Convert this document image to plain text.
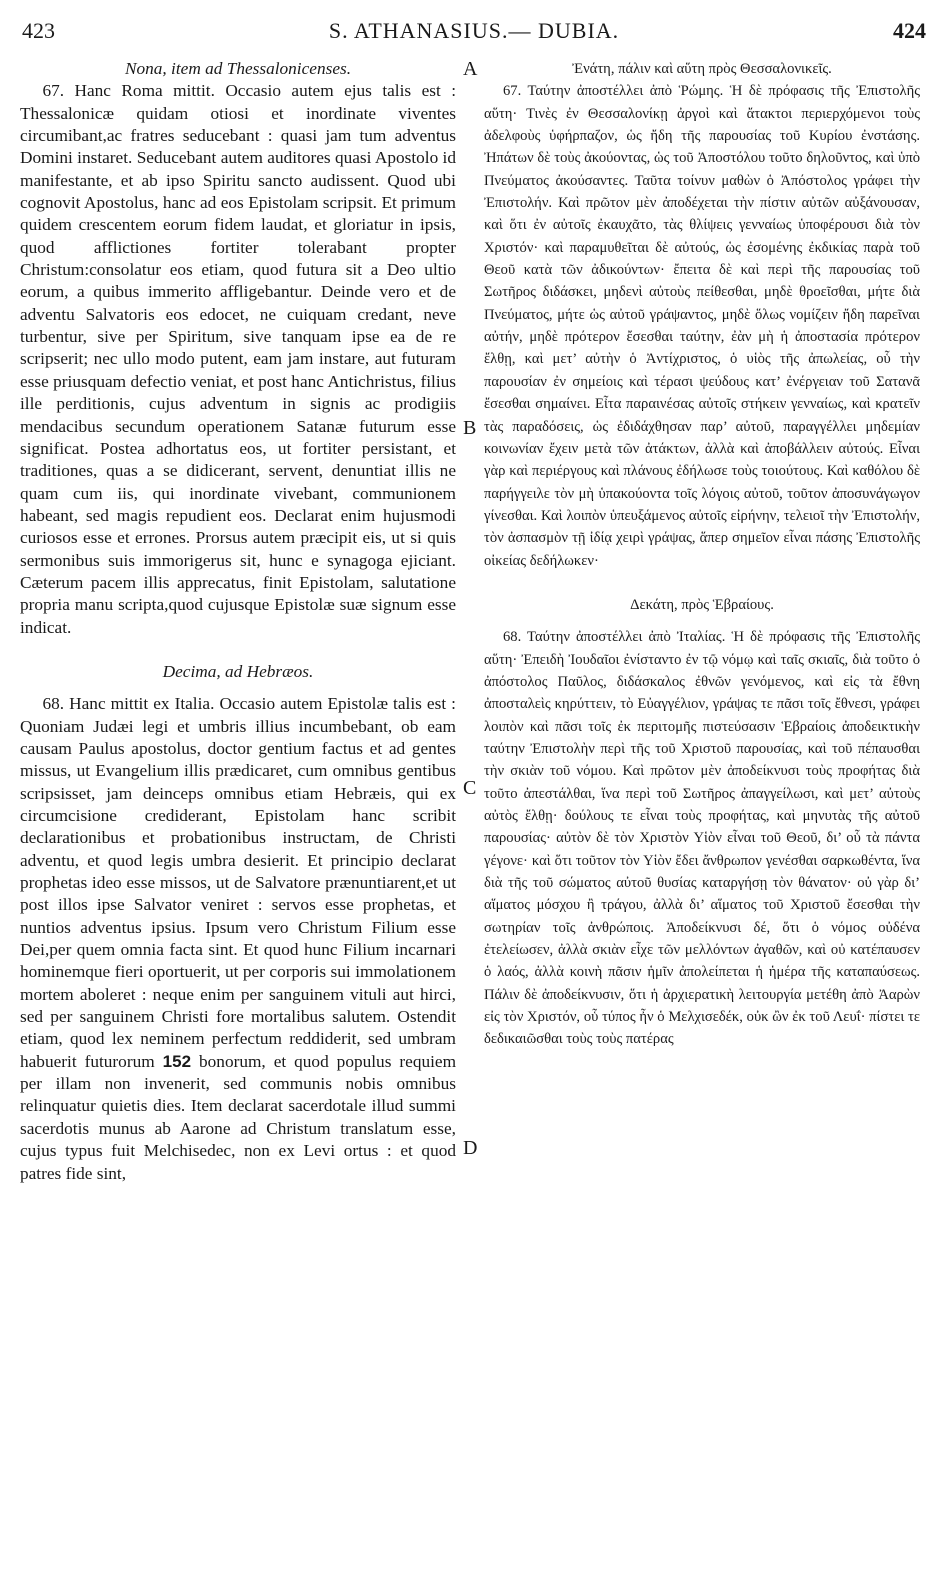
423	S. ATHANASIUS.— DUBIA.	424

Nona, item ad Thessalonicenses.

67. Hanc Roma mittit. Occasio autem ejus talis est : Thessalonicæ quidam otiosi et inordinate viventes circumibant,ac fratres seducebant : quasi jam tum adventus Domini instaret. Seducebant autem auditores quasi Apostolo id manifestante, et ab ipso Spiritu sancto audissent. Quod ubi cognovit Apostolus, hanc ad eos Epistolam scripsit. Et primum quidem crescentem eorum fidem laudat, et gloriatur in ipsis, quod afflictiones fortiter tolerabant propter Christum:consolatur eos etiam, quod futura sit a Deo ultio eorum, a quibus immerito affligebantur. Deinde vero et de adventu Salvatoris eos edocet, ne cuiquam credant, neve turbentur, sive per Spiritum, sive tanquam ipse ea de re scripserit; nec ullo modo putent, eam jam instare, aut futuram esse priusquam defectio veniat, et post hanc Antichristus, filius ille perditionis, cujus adventum in signis ac prodigiis mendacibus secundum operationem Satanæ futurum esse significat. Postea adhortatus eos, ut fortiter persistant, et traditiones, quas a se didicerant, servent, denuntiat illis ne quam cum iis, qui inordinate vivebant, communionem habeant, sed magis repudient eos. Declarat enim hujusmodi curiosos esse et errones. Prorsus autem præcipit eis, ut si quis sermonibus suis immorigerus sit, hunc e synagoga ejiciant. Cæterum pacem illis apprecatus, finit Epistolam, salutatione propria manu scripta,quod cujusque Epistolæ suæ signum esse indicat.

Decima, ad Hebræos.

68. Hanc mittit ex Italia. Occasio autem Epistolæ talis est : Quoniam Judæi legi et umbris illius incumbebant, ob eam causam Paulus apostolus, doctor gentium factus et ad gentes missus, ut Evangelium illis prædicaret, cum omnibus gentibus scripsisset, jam deinceps omnibus etiam Hebræis, qui ex circumcisione crediderant, Epistolam hanc scribit declarationibus et probationibus instructam, de Christi adventu, et quod legis umbra desierit. Et principio declarat prophetas ideo esse missos, ut de Salvatore prænuntiarent,et ut post illos ipse Salvator veniret : servos esse prophetas, et nuntios adventus ipsius. Ipsum vero Christum Filium esse Dei,per quem omnia facta sint. Et quod hunc Filium incarnari hominemque fieri oportuerit, ut per corporis sui immolationem mortem aboleret : neque enim per sanguinem vituli aut hirci, sed per sanguinem Christi fore mortalibus salutem. Ostendit etiam, quod lex neminem perfectum reddiderit, sed umbram habuerit futurorum 152 bonorum, et quod populus requiem per illam non invenerit, sed communis nobis omnibus relinquatur quietis dies. Item declarat sacerdotale illud summi sacerdotis munus ab Aarone ad Christum translatum esse, cujus typus fuit Melchisedec, non ex Levi ortus : et quod patres fide sint,

A
B
C
D

Ἐνάτη, πάλιν καὶ αὕτη πρὸς Θεσσαλονικεῖς.

67. Ταύτην ἀποστέλλει ἀπὸ Ῥώμης. Ἡ δὲ πρόφασις τῆς Ἐπιστολῆς αὕτη· Τινὲς ἐν Θεσσαλονίκῃ ἀργοὶ καὶ ἄτακτοι περιερχόμενοι τοὺς ἀδελφοὺς ὑφήρπαζον, ὡς ἤδη τῆς παρουσίας τοῦ Κυρίου ἐνστάσης. Ἠπάτων δὲ τοὺς ἀκούοντας, ὡς τοῦ Ἀποστόλου τοῦτο δηλοῦντος, καὶ ὑπὸ Πνεύματος ἀκούσαντες. Ταῦτα τοίνυν μαθὼν ὁ Ἀπόστολος γράφει τὴν Ἐπιστολήν. Καὶ πρῶτον μὲν ἀποδέχεται τὴν πίστιν αὐτῶν αὐξάνουσαν, καὶ ὅτι ἐν αὐτοῖς ἐκαυχᾶτο, τὰς θλίψεις γενναίως ὑποφέρουσι διὰ τὸν Χριστόν· καὶ παραμυθεῖται δὲ αὐτούς, ὡς ἐσομένης ἐκδικίας παρὰ τοῦ Θεοῦ κατὰ τῶν ἀδικούντων· ἔπειτα δὲ καὶ περὶ τῆς παρουσίας τοῦ Σωτῆρος διδάσκει, μηδενὶ αὐτοὺς πείθεσθαι, μηδὲ θροεῖσθαι, μήτε διὰ Πνεύματος, μήτε ὡς αὐτοῦ γράψαντος, μηδὲ ὅλως νομίζειν ἤδη παρεῖναι αὐτήν, μηδὲ πρότερον ἔσεσθαι ταύτην, ἐὰν μὴ ἡ ἀποστασία πρότερον ἔλθῃ, καὶ μετ’ αὐτὴν ὁ Ἀντίχριστος, ὁ υἱὸς τῆς ἀπωλείας, οὗ τὴν παρουσίαν ἐν σημείοις καὶ τέρασι ψεύδους κατ’ ἐνέργειαν τοῦ Σατανᾶ ἔσεσθαι σημαίνει. Εἶτα παραινέσας αὐτοῖς στήκειν γενναίως, καὶ κρατεῖν τὰς παραδόσεις, ὡς ἐδιδάχθησαν παρ’ αὐτοῦ, παραγγέλλει μηδεμίαν κοινωνίαν ἔχειν μετὰ τῶν ἀτάκτων, ἀλλὰ καὶ ἀποβάλλειν αὐτούς. Εἶναι γὰρ καὶ περιέργους καὶ πλάνους ἐδήλωσε τοὺς τοιούτους. Καὶ καθόλου δὲ παρήγγειλε τὸν μὴ ὑπακούοντα τοῖς λόγοις αὐτοῦ, τοῦτον ἀποσυνάγωγον γίνεσθαι. Καὶ λοιπὸν ὑπευξάμενος αὐτοῖς εἰρήνην, τελειοῖ τὴν Ἐπιστολήν, τὸν ἀσπασμὸν τῇ ἰδίᾳ χειρὶ γράψας, ἅπερ σημεῖον εἶναι πάσης Ἐπιστολῆς οἰκείας δεδήλωκεν·

Δεκάτη, πρὸς Ἑβραίους.

68. Ταύτην ἀποστέλλει ἀπὸ Ἰταλίας. Ἡ δὲ πρόφασις τῆς Ἐπιστολῆς αὕτη· Ἐπειδὴ Ἰουδαῖοι ἐνίσταντο ἐν τῷ νόμῳ καὶ ταῖς σκιαῖς, διὰ τοῦτο ὁ ἀπόστολος Παῦλος, διδάσκαλος ἐθνῶν γενόμενος, καὶ εἰς τὰ ἔθνη ἀποσταλεὶς κηρύττειν, τὸ Εὐαγγέλιον, γράψας τε πᾶσι τοῖς ἔθνεσι, γράφει λοιπὸν καὶ πᾶσι τοῖς ἐκ περιτομῆς πιστεύσασιν Ἑβραίοις ἀποδεικτικὴν ταύτην Ἐπιστολὴν περὶ τῆς τοῦ Χριστοῦ παρουσίας, καὶ τοῦ πέπαυσθαι τὴν σκιὰν τοῦ νόμου. Καὶ πρῶτον μὲν ἀποδείκνυσι τοὺς προφήτας διὰ τοῦτο ἀπεστάλθαι, ἵνα περὶ τοῦ Σωτῆρος ἀπαγγείλωσι, καὶ μετ’ αὐτοὺς αὐτὸς ἔλθῃ· δούλους τε εἶναι τοὺς προφήτας, καὶ μηνυτὰς τῆς αὐτοῦ παρουσίας· αὐτὸν δὲ τὸν Χριστὸν Υἱὸν εἶναι τοῦ Θεοῦ, δι’ οὗ τὰ πάντα γέγονε· καὶ ὅτι τοῦτον τὸν Υἱὸν ἔδει ἄνθρωπον γενέσθαι σαρκωθέντα, ἵνα διὰ τῆς τοῦ σώματος αὐτοῦ θυσίας καταργήσῃ τὸν θάνατον· οὐ γὰρ δι’ αἵματος μόσχου ἢ τράγου, ἀλλὰ δι’ αἵματος τοῦ Χριστοῦ ἔσεσθαι τὴν σωτηρίαν τοῖς ἀνθρώποις. Ἀποδείκνυσι δέ, ὅτι ὁ νόμος οὐδένα ἐτελείωσεν, ἀλλὰ σκιὰν εἶχε τῶν μελλόντων ἀγαθῶν, καὶ οὐ κατέπαυσεν ὁ λαός, ἀλλὰ κοινὴ πᾶσιν ἡμῖν ἀπολείπεται ἡ ἡμέρα τῆς καταπαύσεως. Πάλιν δὲ ἀποδείκνυσιν, ὅτι ἡ ἀρχιερατικὴ λειτουργία μετέθη ἀπὸ Ἀαρὼν εἰς τὸν Χριστόν, οὗ τύπος ἦν ὁ Μελχισεδέκ, οὐκ ὢν ἐκ τοῦ Λευΐ· πίστει τε δεδικαιῶσθαι τοὺς τοὺς πατέρας
